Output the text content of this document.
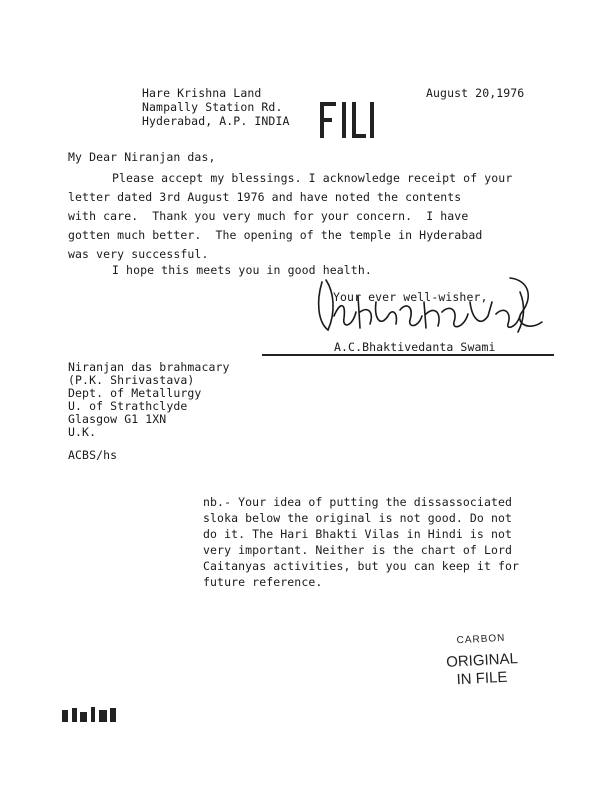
Hare Krishna Land
Nampally Station Rd.
Hyderabad, A.P. INDIA
August 20,1976
My Dear Niranjan das,
Please accept my blessings. I acknowledge receipt of your
letter dated 3rd August 1976 and have noted the contents
with care.  Thank you very much for your concern.  I have
gotten much better.  The opening of the temple in Hyderabad
was very successful.
I hope this meets you in good health.
Your ever well-wisher,
A.C.Bhaktivedanta Swami
Niranjan das brahmacary
(P.K. Shrivastava)
Dept. of Metallurgy
U. of Strathclyde
Glasgow G1 1XN
U.K.
ACBS/hs
nb.- Your idea of putting the dissassociated
sloka below the original is not good. Do not
do it. The Hari Bhakti Vilas in Hindi is not
very important. Neither is the chart of Lord
Caitanyas activities, but you can keep it for
future reference.
CARBON
ORIGINAL
IN FILE
